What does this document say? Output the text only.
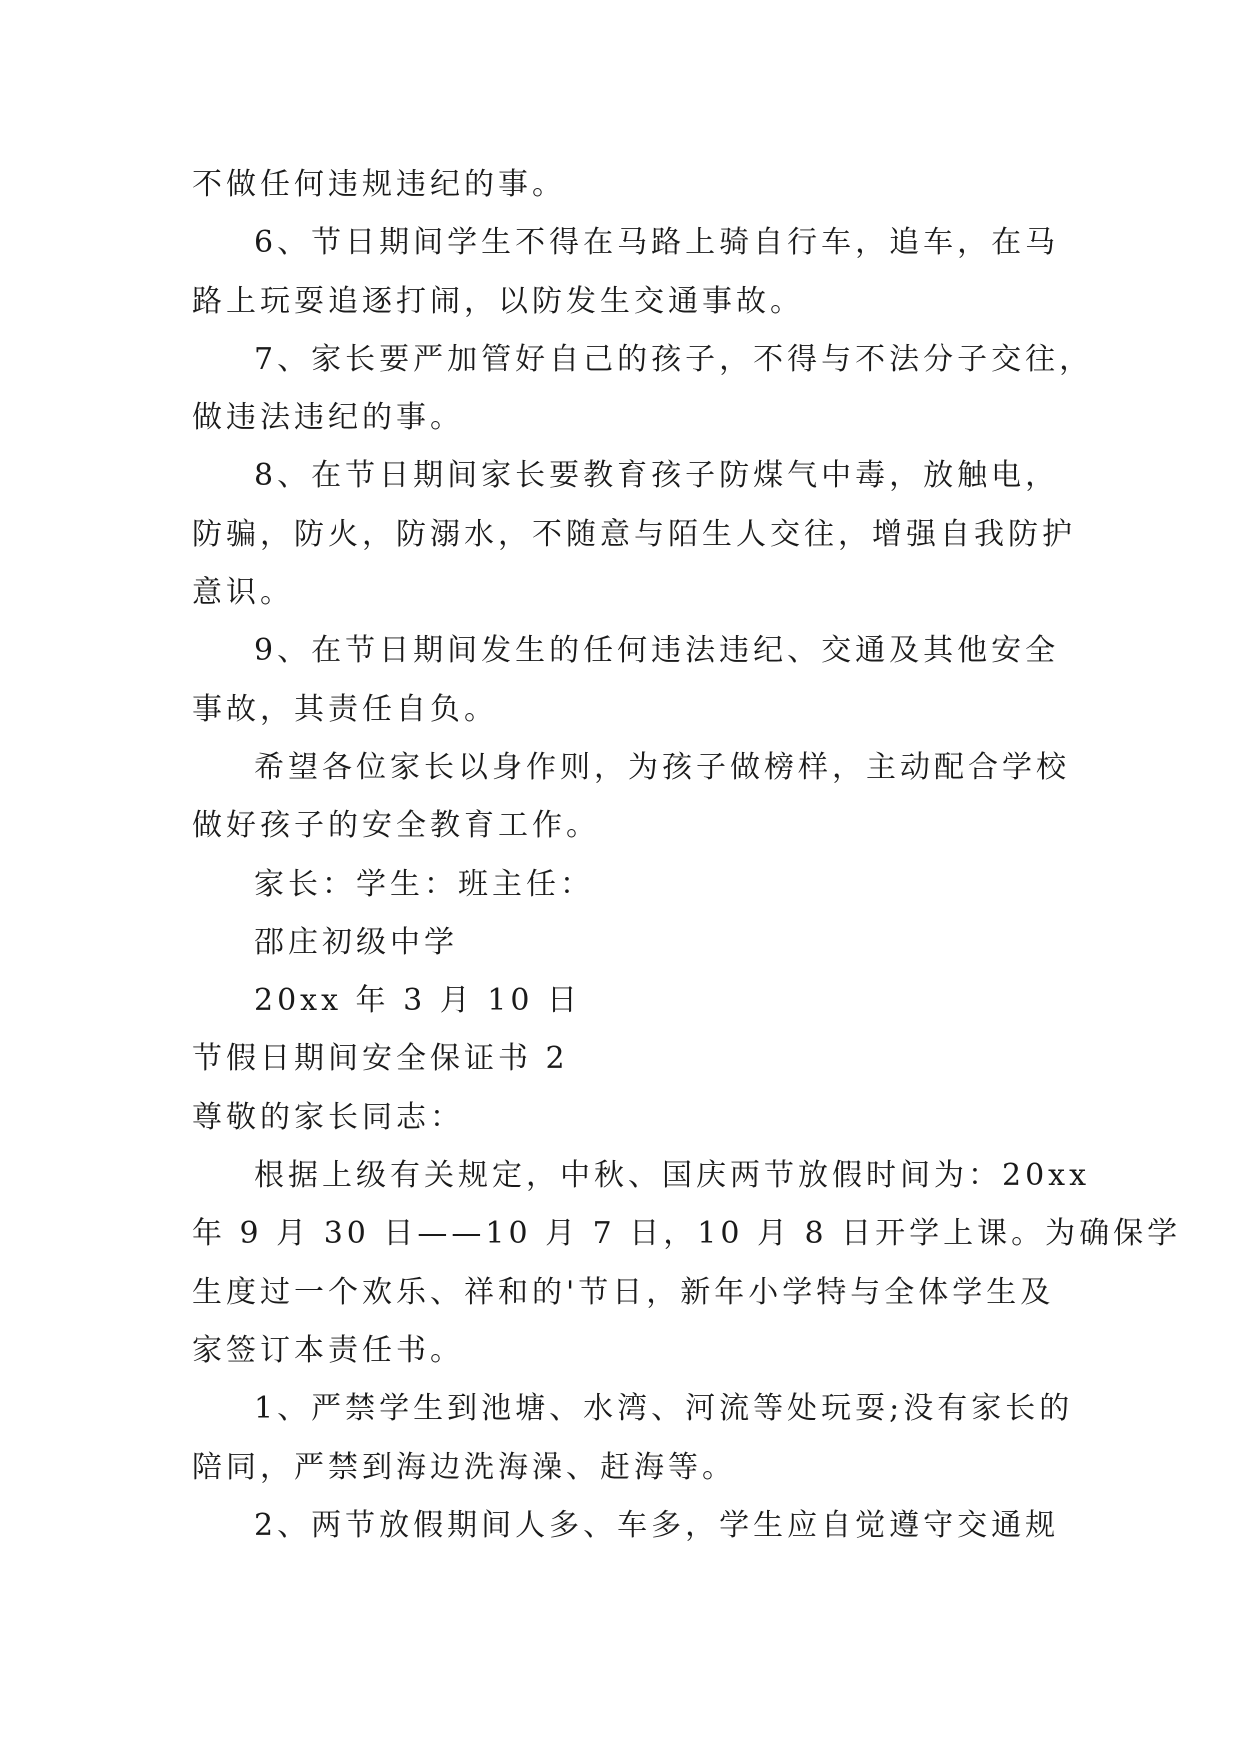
不做任何违规违纪的事。
6、节日期间学生不得在马路上骑自行车，追车，在马
路上玩耍追逐打闹，以防发生交通事故。
7、家长要严加管好自己的孩子，不得与不法分子交往，
做违法违纪的事。
8、在节日期间家长要教育孩子防煤气中毒，放触电，
防骗，防火，防溺水，不随意与陌生人交往，增强自我防护
意识。
9、在节日期间发生的任何违法违纪、交通及其他安全
事故，其责任自负。
希望各位家长以身作则，为孩子做榜样，主动配合学校
做好孩子的安全教育工作。
家长：学生：班主任：
邵庄初级中学
20xx 年 3 月 10 日
节假日期间安全保证书 2
尊敬的家长同志：
根据上级有关规定，中秋、国庆两节放假时间为：20xx
年 9 月 30 日——10 月 7 日，10 月 8 日开学上课。为确保学
生度过一个欢乐、祥和的'节日，新年小学特与全体学生及
家签订本责任书。
1、严禁学生到池塘、水湾、河流等处玩耍;没有家长的
陪同，严禁到海边洗海澡、赶海等。
2、两节放假期间人多、车多，学生应自觉遵守交通规
